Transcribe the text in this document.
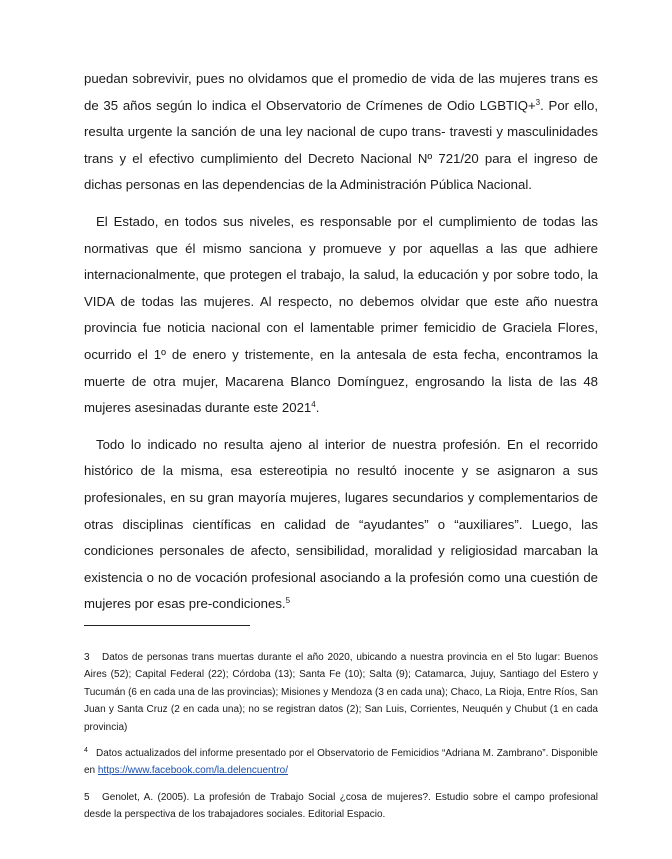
puedan sobrevivir, pues no olvidamos que el promedio de vida de las mujeres trans es de 35 años según lo indica el Observatorio de Crímenes de Odio LGBTIQ+$^3$. Por ello, resulta urgente la sanción de una ley nacional de cupo trans- travesti y masculinidades trans y el efectivo cumplimiento del Decreto Nacional Nº 721/20 para el ingreso de dichas personas en las dependencias de la Administración Pública Nacional.

El Estado, en todos sus niveles, es responsable por el cumplimiento de todas las normativas que él mismo sanciona y promueve y por aquellas a las que adhiere internacionalmente, que protegen el trabajo, la salud, la educación y por sobre todo, la VIDA de todas las mujeres. Al respecto, no debemos olvidar que este año nuestra provincia fue noticia nacional con el lamentable primer femicidio de Graciela Flores, ocurrido el 1º de enero y tristemente, en la antesala de esta fecha, encontramos la muerte de otra mujer, Macarena Blanco Domínguez, engrosando la lista de las 48 mujeres asesinadas durante este 2021$^4$.

Todo lo indicado no resulta ajeno al interior de nuestra profesión. En el recorrido histórico de la misma, esa estereotipia no resultó inocente y se asignaron a sus profesionales, en su gran mayoría mujeres, lugares secundarios y complementarios de otras disciplinas científicas en calidad de “ayudantes” o “auxiliares”. Luego, las condiciones personales de afecto, sensibilidad, moralidad y religiosidad marcaban la existencia o no de vocación profesional asociando a la profesión como una cuestión de mujeres por esas pre-condiciones.$^5$

3 Datos de personas trans muertas durante el año 2020, ubicando a nuestra provincia en el 5to lugar: Buenos Aires (52); Capital Federal (22); Córdoba (13); Santa Fe (10); Salta (9); Catamarca, Jujuy, Santiago del Estero y Tucumán (6 en cada una de las provincias); Misiones y Mendoza (3 en cada una); Chaco, La Rioja, Entre Ríos, San Juan y Santa Cruz (2 en cada una); no se registran datos (2); San Luis, Corrientes, Neuquén y Chubut (1 en cada provincia)
4 Datos actualizados del informe presentado por el Observatorio de Femicidios “Adriana M. Zambrano”. Disponible en https://www.facebook.com/la.delencuentro/
5 Genolet, A. (2005). La profesión de Trabajo Social ¿cosa de mujeres?. Estudio sobre el campo profesional desde la perspectiva de los trabajadores sociales. Editorial Espacio.
